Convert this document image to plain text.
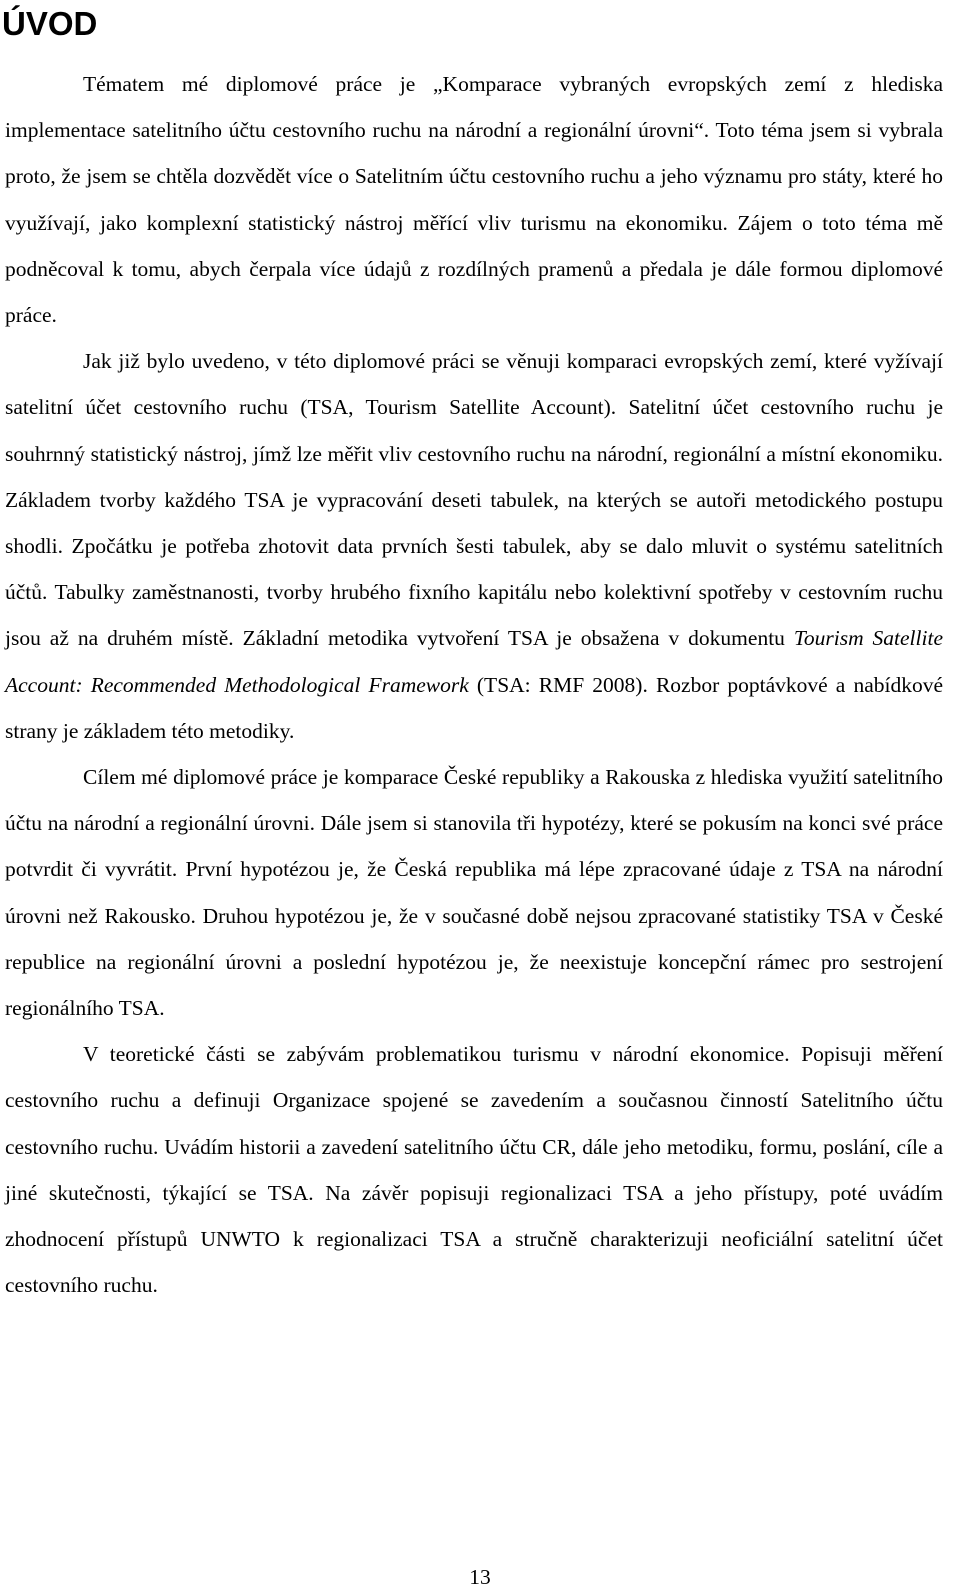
ÚVOD

Tématem mé diplomové práce je „Komparace vybraných evropských zemí z hlediska implementace satelitního účtu cestovního ruchu na národní a regionální úrovni“. Toto téma jsem si vybrala proto, že jsem se chtěla dozvědět více o Satelitním účtu cestovního ruchu a jeho významu pro státy, které ho využívají, jako komplexní statistický nástroj měřící vliv turismu na ekonomiku. Zájem o toto téma mě podněcoval k tomu, abych čerpala více údajů z rozdílných pramenů a předala je dále formou diplomové práce.

Jak již bylo uvedeno, v této diplomové práci se věnuji komparaci evropských zemí, které vyžívají satelitní účet cestovního ruchu (TSA, Tourism Satellite Account). Satelitní účet cestovního ruchu je souhrnný statistický nástroj, jímž lze měřit vliv cestovního ruchu na národní, regionální a místní ekonomiku. Základem tvorby každého TSA je vypracování deseti tabulek, na kterých se autoři metodického postupu shodli. Zpočátku je potřeba zhotovit data prvních šesti tabulek, aby se dalo mluvit o systému satelitních účtů. Tabulky zaměstnanosti, tvorby hrubého fixního kapitálu nebo kolektivní spotřeby v cestovním ruchu jsou až na druhém místě. Základní metodika vytvoření TSA je obsažena v dokumentu Tourism Satellite Account: Recommended Methodological Framework (TSA: RMF 2008). Rozbor poptávkové a nabídkové strany je základem této metodiky.

Cílem mé diplomové práce je komparace České republiky a Rakouska z hlediska využití satelitního účtu na národní a regionální úrovni. Dále jsem si stanovila tři hypotézy, které se pokusím na konci své práce potvrdit či vyvrátit. První hypotézou je, že Česká republika má lépe zpracované údaje z TSA na národní úrovni než Rakousko. Druhou hypotézou je, že v současné době nejsou zpracované statistiky TSA v České republice na regionální úrovni a poslední hypotézou je, že neexistuje koncepční rámec pro sestrojení regionálního TSA.

V teoretické části se zabývám problematikou turismu v národní ekonomice. Popisuji měření cestovního ruchu a definuji Organizace spojené se zavedením a současnou činností Satelitního účtu cestovního ruchu. Uvádím historii a zavedení satelitního účtu CR, dále jeho metodiku, formu, poslání, cíle a jiné skutečnosti, týkající se TSA. Na závěr popisuji regionalizaci TSA a jeho přístupy, poté uvádím zhodnocení přístupů UNWTO k regionalizaci TSA a stručně charakterizuji neoficiální satelitní účet cestovního ruchu.

13
